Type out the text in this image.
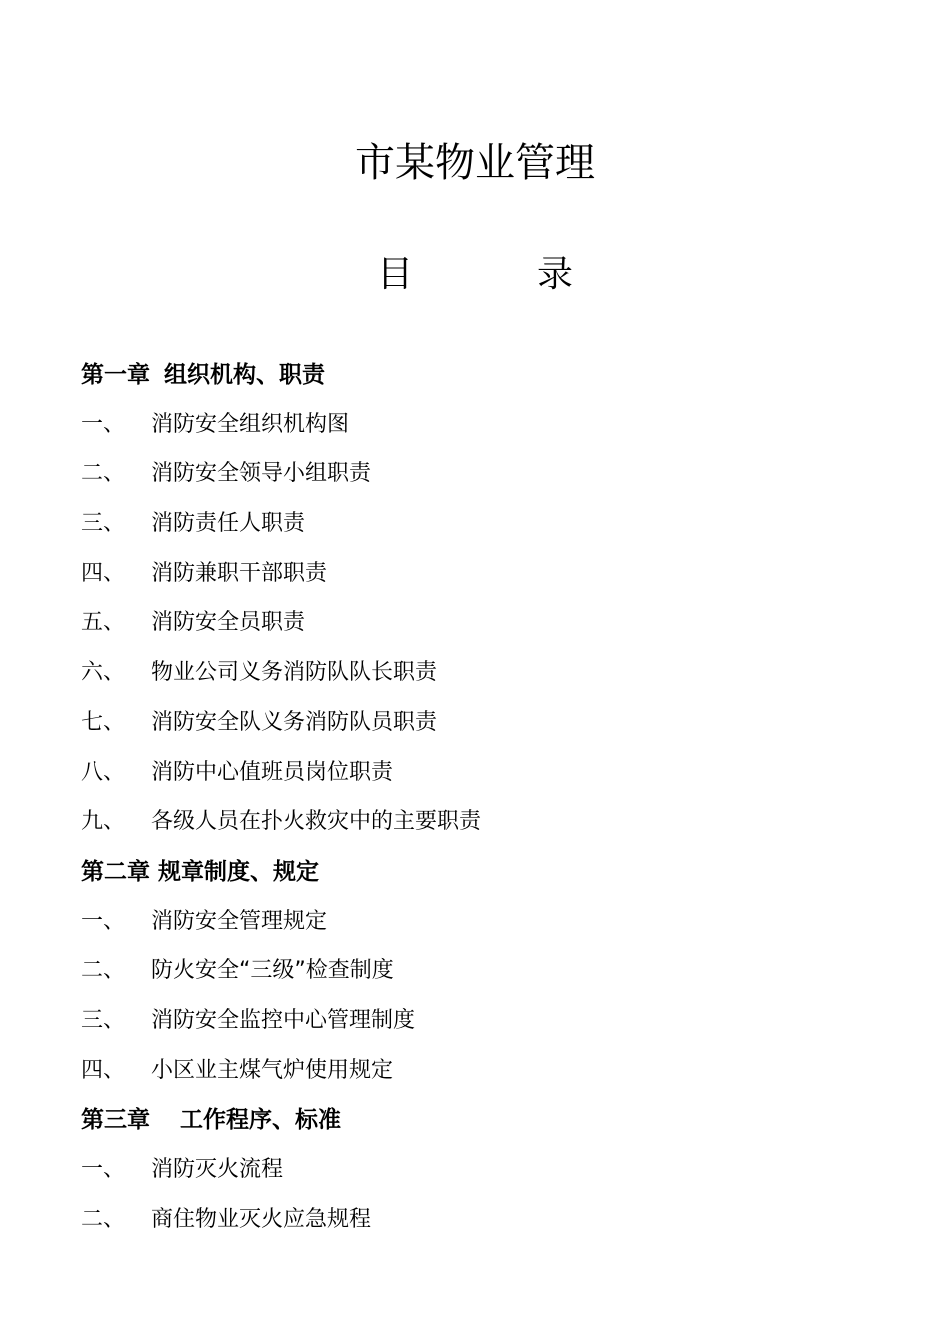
市某物业管理
目	录
第一章 组织机构、职责
一、 消防安全组织机构图
二、 消防安全领导小组职责
三、 消防责任人职责
四、 消防兼职干部职责
五、 消防安全员职责
六、 物业公司义务消防队队长职责
七、 消防安全队义务消防队员职责
八、 消防中心值班员岗位职责
九、 各级人员在扑火救灾中的主要职责
第二章 规章制度、规定
一、 消防安全管理规定
二、 防火安全“三级”检查制度
三、 消防安全监控中心管理制度
四、 小区业主煤气炉使用规定
第三章 工作程序、标准
一、 消防灭火流程
二、 商住物业灭火应急规程
